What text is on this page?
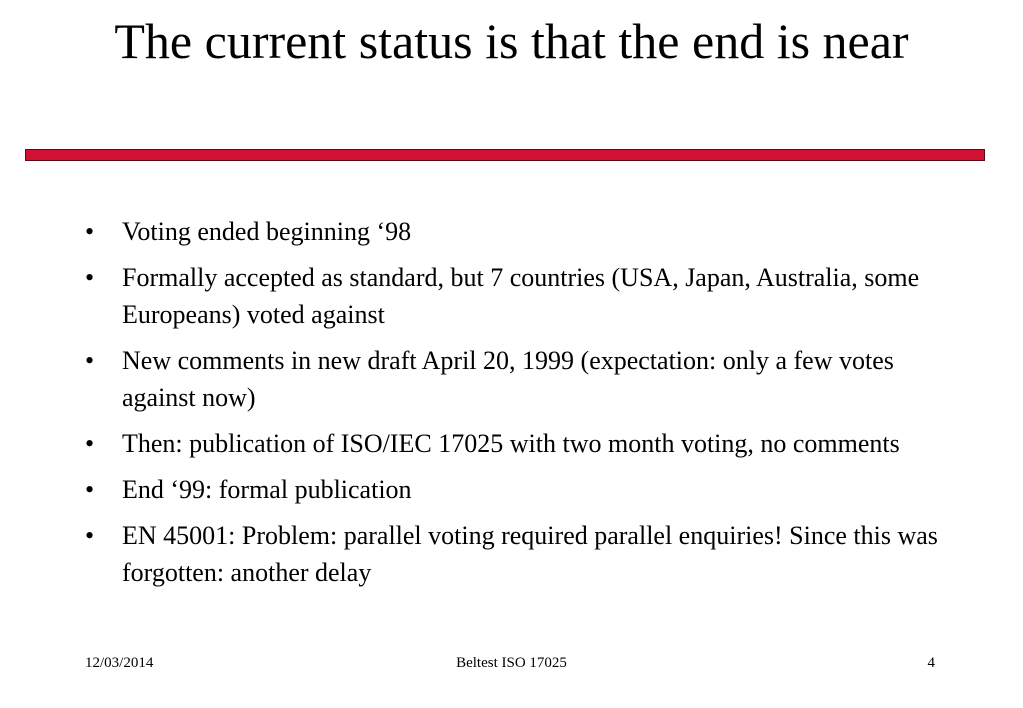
The current status is that the end is near
• Voting ended beginning ‘98
• Formally accepted as standard, but 7 countries (USA, Japan, Australia, some Europeans) voted against
• New comments in new draft April 20, 1999 (expectation: only a few votes against now)
• Then: publication of ISO/IEC 17025 with two month voting, no comments
• End ‘99: formal publication
• EN 45001: Problem: parallel voting required parallel enquiries! Since this was forgotten: another delay
12/03/2014	Beltest ISO 17025	4
